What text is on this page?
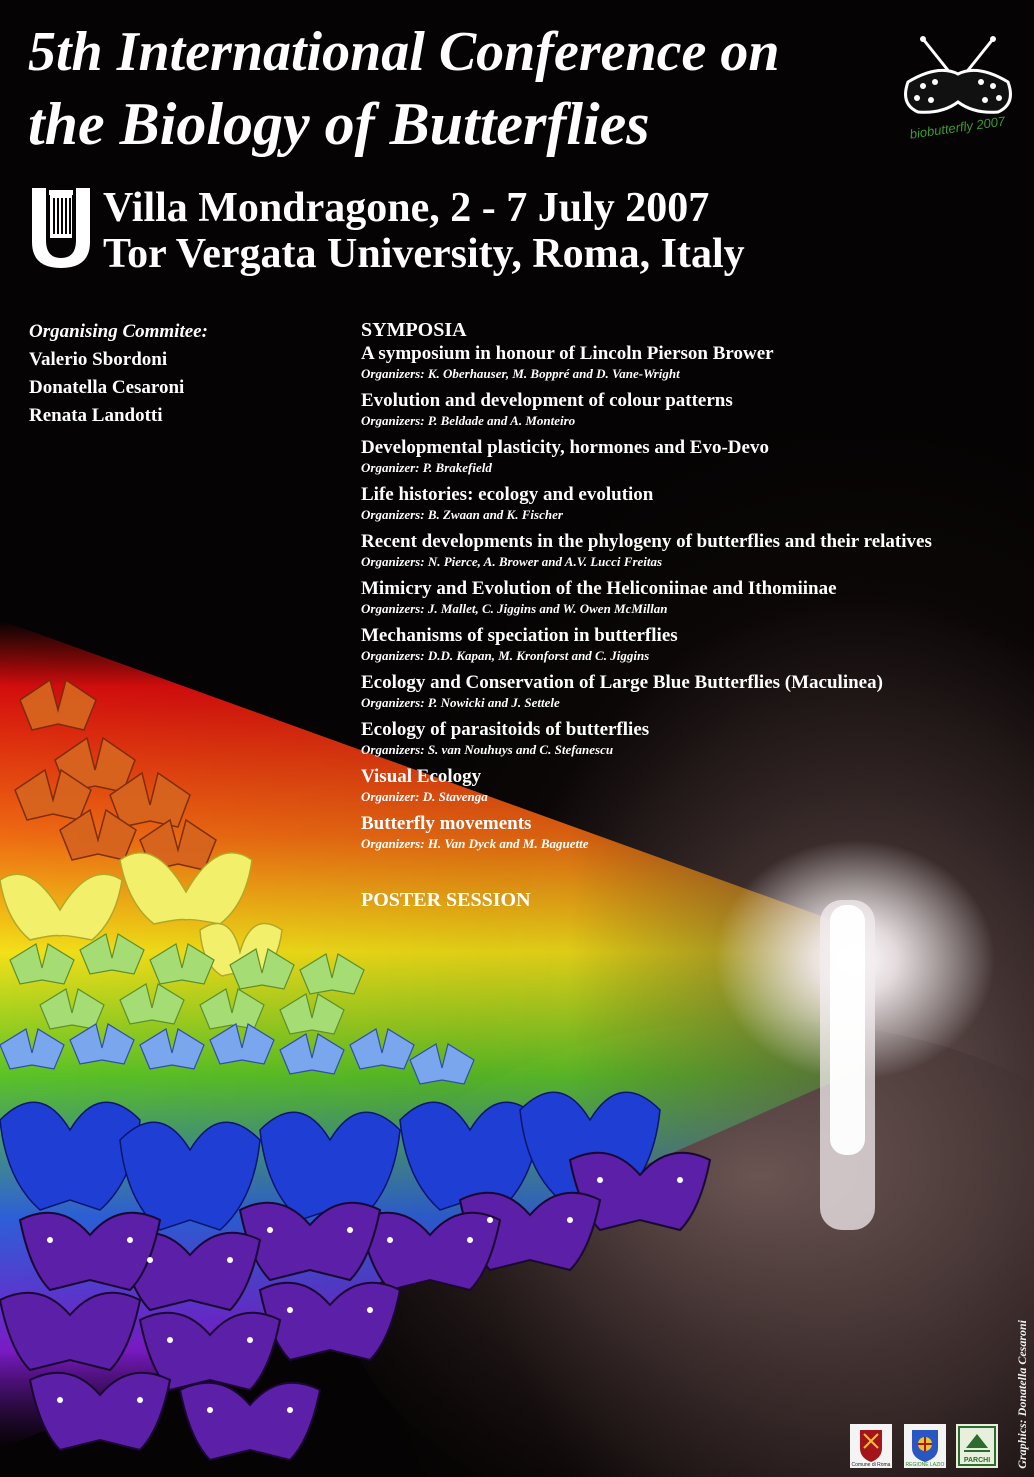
5th International Conference on
the Biology of Butterflies
Villa Mondragone, 2 - 7 July 2007
Tor Vergata University, Roma, Italy
biobutterfly 2007
Organising Commitee:
Valerio Sbordoni
Donatella Cesaroni
Renata Landotti
SYMPOSIA
A symposium in honour of Lincoln Pierson Brower
Organizers: K. Oberhauser, M. Boppré and D. Vane-Wright
Evolution and development of colour patterns
Organizers: P. Beldade and A. Monteiro
Developmental plasticity, hormones and Evo-Devo
Organizer: P. Brakefield
Life histories: ecology and evolution
Organizers: B. Zwaan and K. Fischer
Recent developments in the phylogeny of butterflies and their relatives
Organizers: N. Pierce, A. Brower and A.V. Lucci Freitas
Mimicry and Evolution of the Heliconiinae and Ithomiinae
Organizers: J. Mallet, C. Jiggins and W. Owen McMillan
Mechanisms of speciation in butterflies
Organizers: D.D. Kapan, M. Kronforst and C. Jiggins
Ecology and Conservation of Large Blue Butterflies (Maculinea)
Organizers: P. Nowicki and J. Settele
Ecology of parasitoids of butterflies
Organizers: S. van Nouhuys and C. Stefanescu
Visual Ecology
Organizer: D. Stavenga
Butterfly movements
Organizers: H. Van Dyck and M. Baguette
POSTER SESSION
Graphics: Donatella Cesaroni
Comune di Roma	REGIONE LAZIO
PARCHI
